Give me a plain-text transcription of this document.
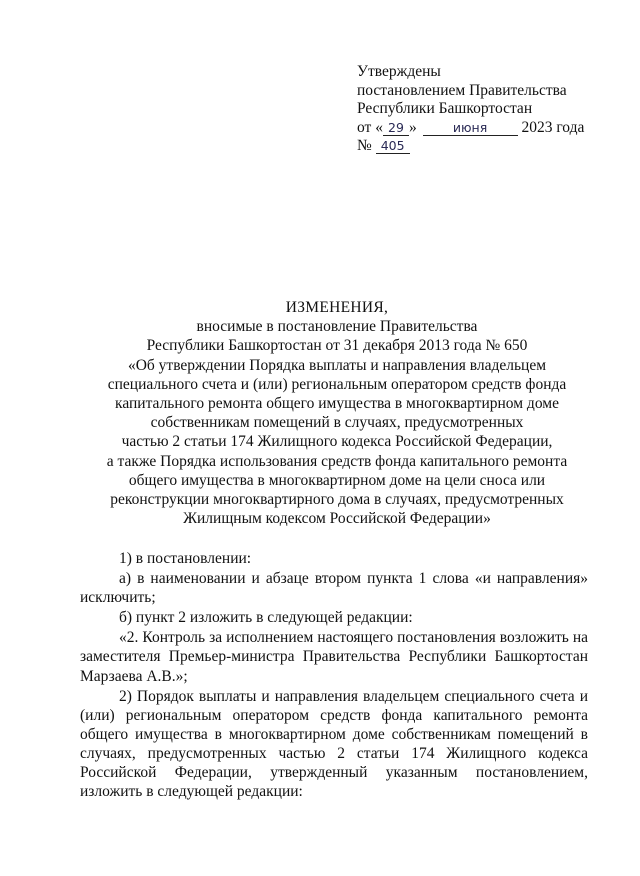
Утверждены
постановлением Правительства
Республики Башкортостан
от « 29 »	июня 2023 года
№ 405
ИЗМЕНЕНИЯ,
вносимые в постановление Правительства
Республики Башкортостан от 31 декабря 2013 года № 650
«Об утверждении Порядка выплаты и направления владельцем
специального счета и (или) региональным оператором средств фонда
капитального ремонта общего имущества в многоквартирном доме
собственникам помещений в случаях, предусмотренных
частью 2 статьи 174 Жилищного кодекса Российской Федерации,
а также Порядка использования средств фонда капитального ремонта
общего имущества в многоквартирном доме на цели сноса или
реконструкции многоквартирного дома в случаях, предусмотренных
Жилищным кодексом Российской Федерации»

1) в постановлении:

а) в наименовании и абзаце втором пункта 1 слова «и направления» исключить;

б) пункт 2 изложить в следующей редакции:

«2. Контроль за исполнением настоящего постановления возложить на заместителя Премьер-министра Правительства Республики Башкортостан Марзаева А.В.»;

2) Порядок выплаты и направления владельцем специального счета и (или) региональным оператором средств фонда капитального ремонта общего имущества в многоквартирном доме собственникам помещений в случаях, предусмотренных частью 2 статьи 174 Жилищного кодекса Российской Федерации, утвержденный указанным постановлением, изложить в следующей редакции:
